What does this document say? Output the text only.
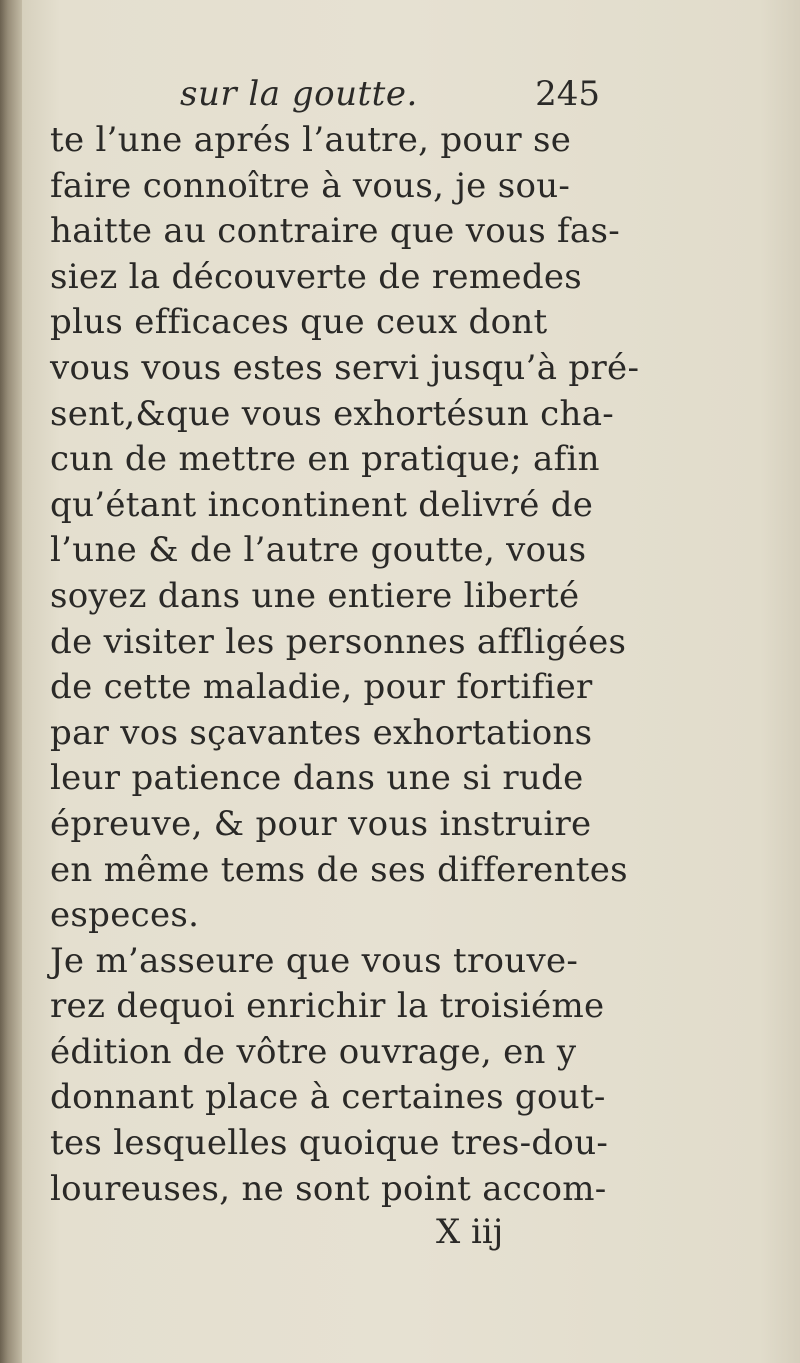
sur la goutte.	245
te l’une aprés l’autre, pour se
faire connoître à vous, je sou-
haitte au contraire que vous fas-
siez la découverte de remedes
plus efficaces que ceux dont
vous vous estes servi jusqu’à pré-
sent,&que vous exhortésun cha-
cun de mettre en pratique; afin
qu’étant incontinent delivré de
l’une & de l’autre goutte, vous
soyez dans une entiere liberté
de visiter les personnes affligées
de cette maladie, pour fortifier
par vos sçavantes exhortations
leur patience dans une si rude
épreuve, & pour vous instruire
en même tems de ses differentes
especes.
Je m’asseure que vous trouve-
rez dequoi enrichir la troisiéme
édition de vôtre ouvrage, en y
donnant place à certaines gout-
tes lesquelles quoique tres-dou-
loureuses, ne sont point accom-
X iij
